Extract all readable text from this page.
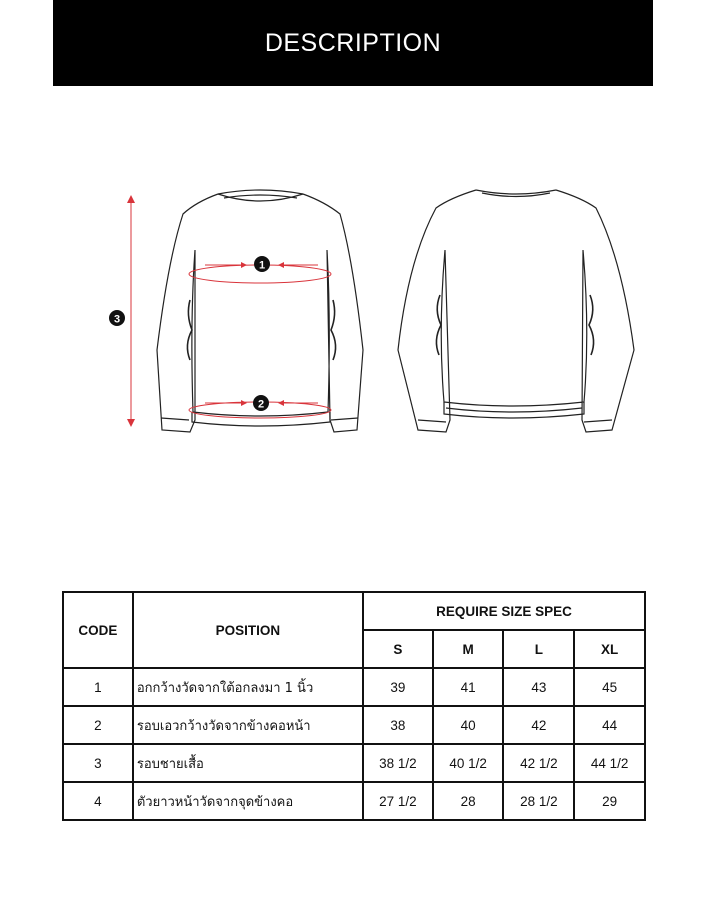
DESCRIPTION
1
2
3
CODE	POSITION	REQUIRE SIZE SPEC			
		S	M	L	XL
1	อกกว้างวัดจากใต้อกลงมา 1 นิ้ว	39	41	43	45
2	รอบเอวกว้างวัดจากข้างคอหน้า	38	40	42	44
3	รอบชายเสื้อ	38 1/2	40 1/2	42 1/2	44 1/2
4	ตัวยาวหน้าวัดจากจุดข้างคอ	27 1/2	28	28 1/2	29
